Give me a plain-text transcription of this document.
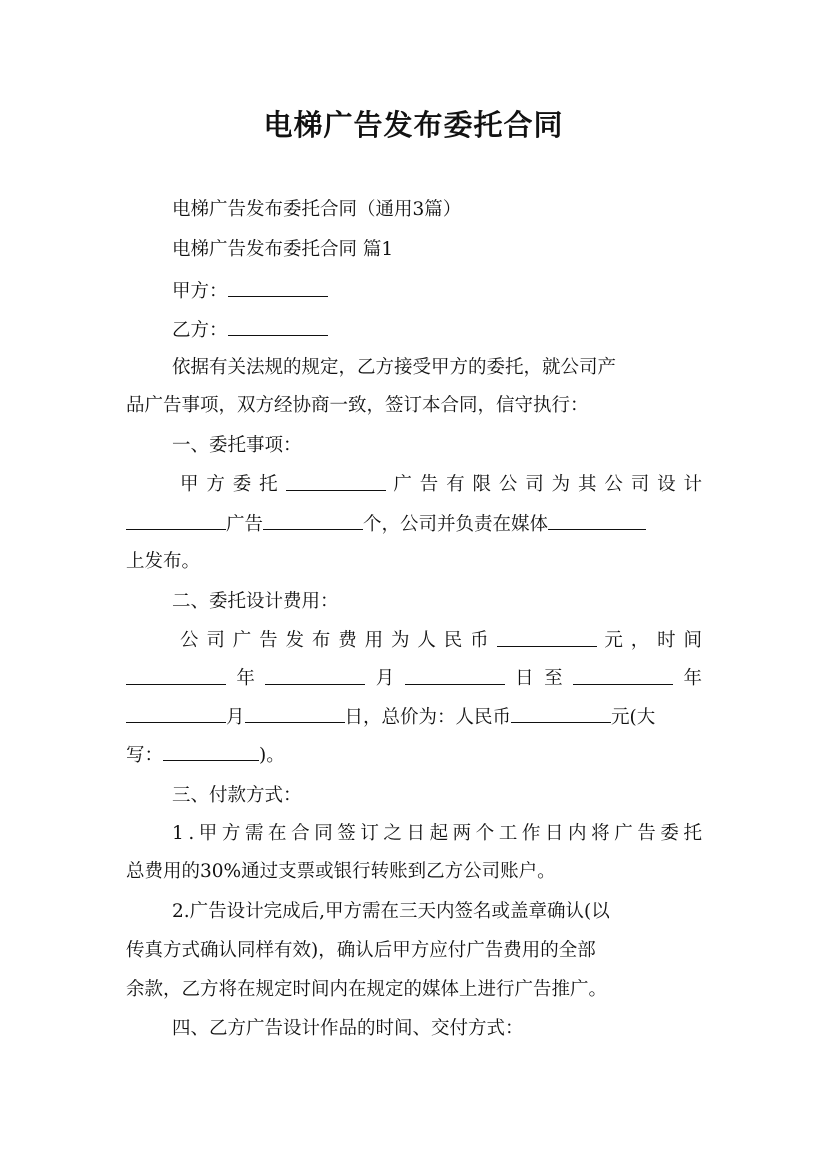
电梯广告发布委托合同
电梯广告发布委托合同（通用3篇）
电梯广告发布委托合同 篇1
甲方：
乙方：
依据有关法规的规定，乙方接受甲方的委托，就公司产
品广告事项，双方经协商一致，签订本合同，信守执行：
一、委托事项：
甲 方 委 托	广 告 有 限 公 司 为 其 公 司 设 计
广告	个，公司并负责在媒体
上发布。
二、委托设计费用：
公 司 广 告 发 布 费 用 为 人 民 币	元 ， 时 间
年	月	日 至	年
月	日，总价为：人民币	元(大
写：	)。
三、付款方式：
1 . 甲 方 需 在 合 同 签 订 之 日 起 两 个 工 作 日 内 将 广 告 委 托
总费用的30%通过支票或银行转账到乙方公司账户。
2.广告设计完成后,甲方需在三天内签名或盖章确认(以
传真方式确认同样有效)，确认后甲方应付广告费用的全部
余款，乙方将在规定时间内在规定的媒体上进行广告推广。
四、乙方广告设计作品的时间、交付方式：
